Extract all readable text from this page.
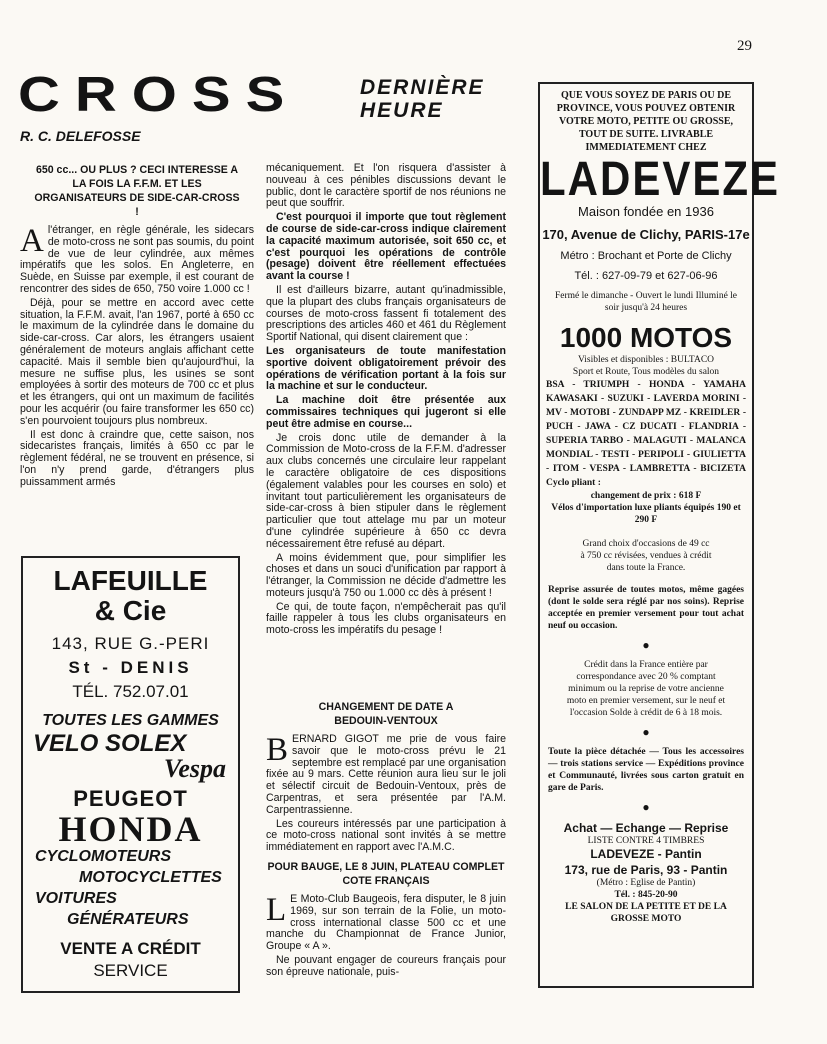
29
CROSS	DERNIÈRE
HEURE
R. C. DELEFOSSE
650 cc... OU PLUS ? CECI INTERESSE A LA FOIS LA F.F.M. ET LES ORGANISATEURS DE SIDE-CAR-CROSS !

Al'étranger, en règle générale, les sidecars de moto-cross ne sont pas soumis, du point de vue de leur cylindrée, aux mêmes impératifs que les solos. En Angleterre, en Suède, en Suisse par exemple, il est courant de rencontrer des sides de 650, 750 voire 1.000 cc !

Déjà, pour se mettre en accord avec cette situation, la F.F.M. avait, l'an 1967, porté à 650 cc le maximum de la cylindrée dans le domaine du side-car-cross. Car alors, les étrangers usaient généralement de moteurs anglais affichant cette capacité. Mais il semble bien qu'aujourd'hui, la mesure ne suffise plus, les usines se sont employées à sortir des moteurs de 700 cc et plus et les étrangers, qui ont un maximum de facilités pour les acquérir (ou faire transformer les 650 cc) s'en pourvoient toujours plus nombreux.

Il est donc à craindre que, cette saison, nos sidecaristes français, limités à 650 cc par le règlement fédéral, ne se trouvent en présence, si l'on n'y prend garde, d'étrangers plus puissamment armés

mécaniquement. Et l'on risquera d'assister à nouveau à ces pénibles discussions devant le public, dont le caractère sportif de nos réunions ne peut que souffrir.

C'est pourquoi il importe que tout règlement de course de side-car-cross indique clairement la capacité maximum autorisée, soit 650 cc, et c'est pourquoi les opérations de contrôle (pesage) doivent être réellement effectuées avant la course !

Il est d'ailleurs bizarre, autant qu'inadmissible, que la plupart des clubs français organisateurs de courses de moto-cross fassent fi totalement des prescriptions des articles 460 et 461 du Règlement Sportif National, qui disent clairement que :

Les organisateurs de toute manifestation sportive doivent obligatoirement prévoir des opérations de vérification portant à la fois sur la machine et sur le conducteur.

La machine doit être présentée aux commissaires techniques qui jugeront si elle peut être admise en course...

Je crois donc utile de demander à la Commission de Moto-cross de la F.F.M. d'adresser aux clubs concernés une circulaire leur rappelant le caractère obligatoire de ces dispositions (également valables pour les courses en solo) et invitant tout particulièrement les organisateurs de side-car-cross à bien stipuler dans le règlement particulier que tout attelage mu par un moteur d'une cylindrée supérieure à 650 cc devra nécessairement être refusé au départ.

A moins évidemment que, pour simplifier les choses et dans un souci d'unification par rapport à l'étranger, la Commission ne décide d'admettre les moteurs jusqu'à 750 ou 1.000 cc dès à présent !

Ce qui, de toute façon, n'empêcherait pas qu'il faille rappeler à tous les clubs organisateurs en moto-cross les impératifs du pesage !

CHANGEMENT DE DATE A BEDOUIN-VENTOUX

BERNARD GIGOT me prie de vous faire savoir que le moto-cross prévu le 21 septembre est remplacé par une organisation fixée au 9 mars. Cette réunion aura lieu sur le joli et sélectif circuit de Bedouin-Ventoux, près de Carpentras, et sera présentée par l'A.M. Carpentrassienne.

Les coureurs intéressés par une participation à ce moto-cross national sont invités à se mettre immédiatement en rapport avec l'A.M.C.

POUR BAUGE, LE 8 JUIN, PLATEAU COMPLET COTE FRANÇAIS

L E Moto-Club Baugeois, fera disputer, le 8 juin 1969, sur son terrain de la Folie, un moto-cross international classe 500 cc et une manche du Championnat de France Junior, Groupe « A ».

Ne pouvant engager de coureurs français pour son épreuve nationale, puis-

LAFEUILLE
& Cie
143, RUE G.-PERI
St - DENIS
TÉL. 752.07.01
TOUTES LES GAMMES
VELO SOLEX
Vespa
PEUGEOT
HONDA
CYCLOMOTEURS
MOTOCYCLETTES
VOITURES
GÉNÉRATEURS
VENTE A CRÉDIT
SERVICE
QUE VOUS SOYEZ DE PARIS OU DE PROVINCE, VOUS POUVEZ OBTENIR VOTRE MOTO, PETITE OU GROSSE, TOUT DE SUITE. LIVRABLE IMMEDIATEMENT CHEZ
LADEVEZE
Maison fondée en 1936
170, Avenue de Clichy, PARIS-17e
Métro : Brochant et Porte de Clichy
Tél. : 627-09-79 et 627-06-96
Fermé le dimanche - Ouvert le lundi Illuminé le soir jusqu'à 24 heures
1000 MOTOS
Visibles et disponibles : BULTACO Sport et Route, Tous modèles du salon
BSA - TRIUMPH - HONDA - YAMAHA KAWASAKI - SUZUKI - LAVERDA MORINI - MV - MOTOBI - ZUNDAPP MZ - KREIDLER - PUCH - JAWA - CZ DUCATI - FLANDRIA - SUPERIA TARBO - MALAGUTI - MALANCA MONDIAL - TESTI - PERIPOLI - GIULIETTA - ITOM - VESPA - LAMBRETTA - BICIZETA Cyclo pliant :
changement de prix : 618 F
Vélos d'importation luxe pliants équipés 190 et 290 F
Grand choix d'occasions de 49 cc à 750 cc révisées, vendues à crédit dans toute la France.
Reprise assurée de toutes motos, même gagées (dont le solde sera réglé par nos soins). Reprise acceptée en premier versement pour tout achat neuf ou occasion.
●
Crédit dans la France entière par correspondance avec 20 % comptant minimum ou la reprise de votre ancienne moto en premier versement, sur le neuf et l'occasion Solde à crédit de 6 à 18 mois.
●
Toute la pièce détachée — Tous les accessoires — trois stations service — Expéditions province et Communauté, livrées sous carton gratuit en gare de Paris.
●
Achat — Echange — Reprise
LISTE CONTRE 4 TIMBRES
LADEVEZE - Pantin
173, rue de Paris, 93 - Pantin
(Métro : Eglise de Pantin)
Tél. : 845-20-90
LE SALON DE LA PETITE ET DE LA GROSSE MOTO
